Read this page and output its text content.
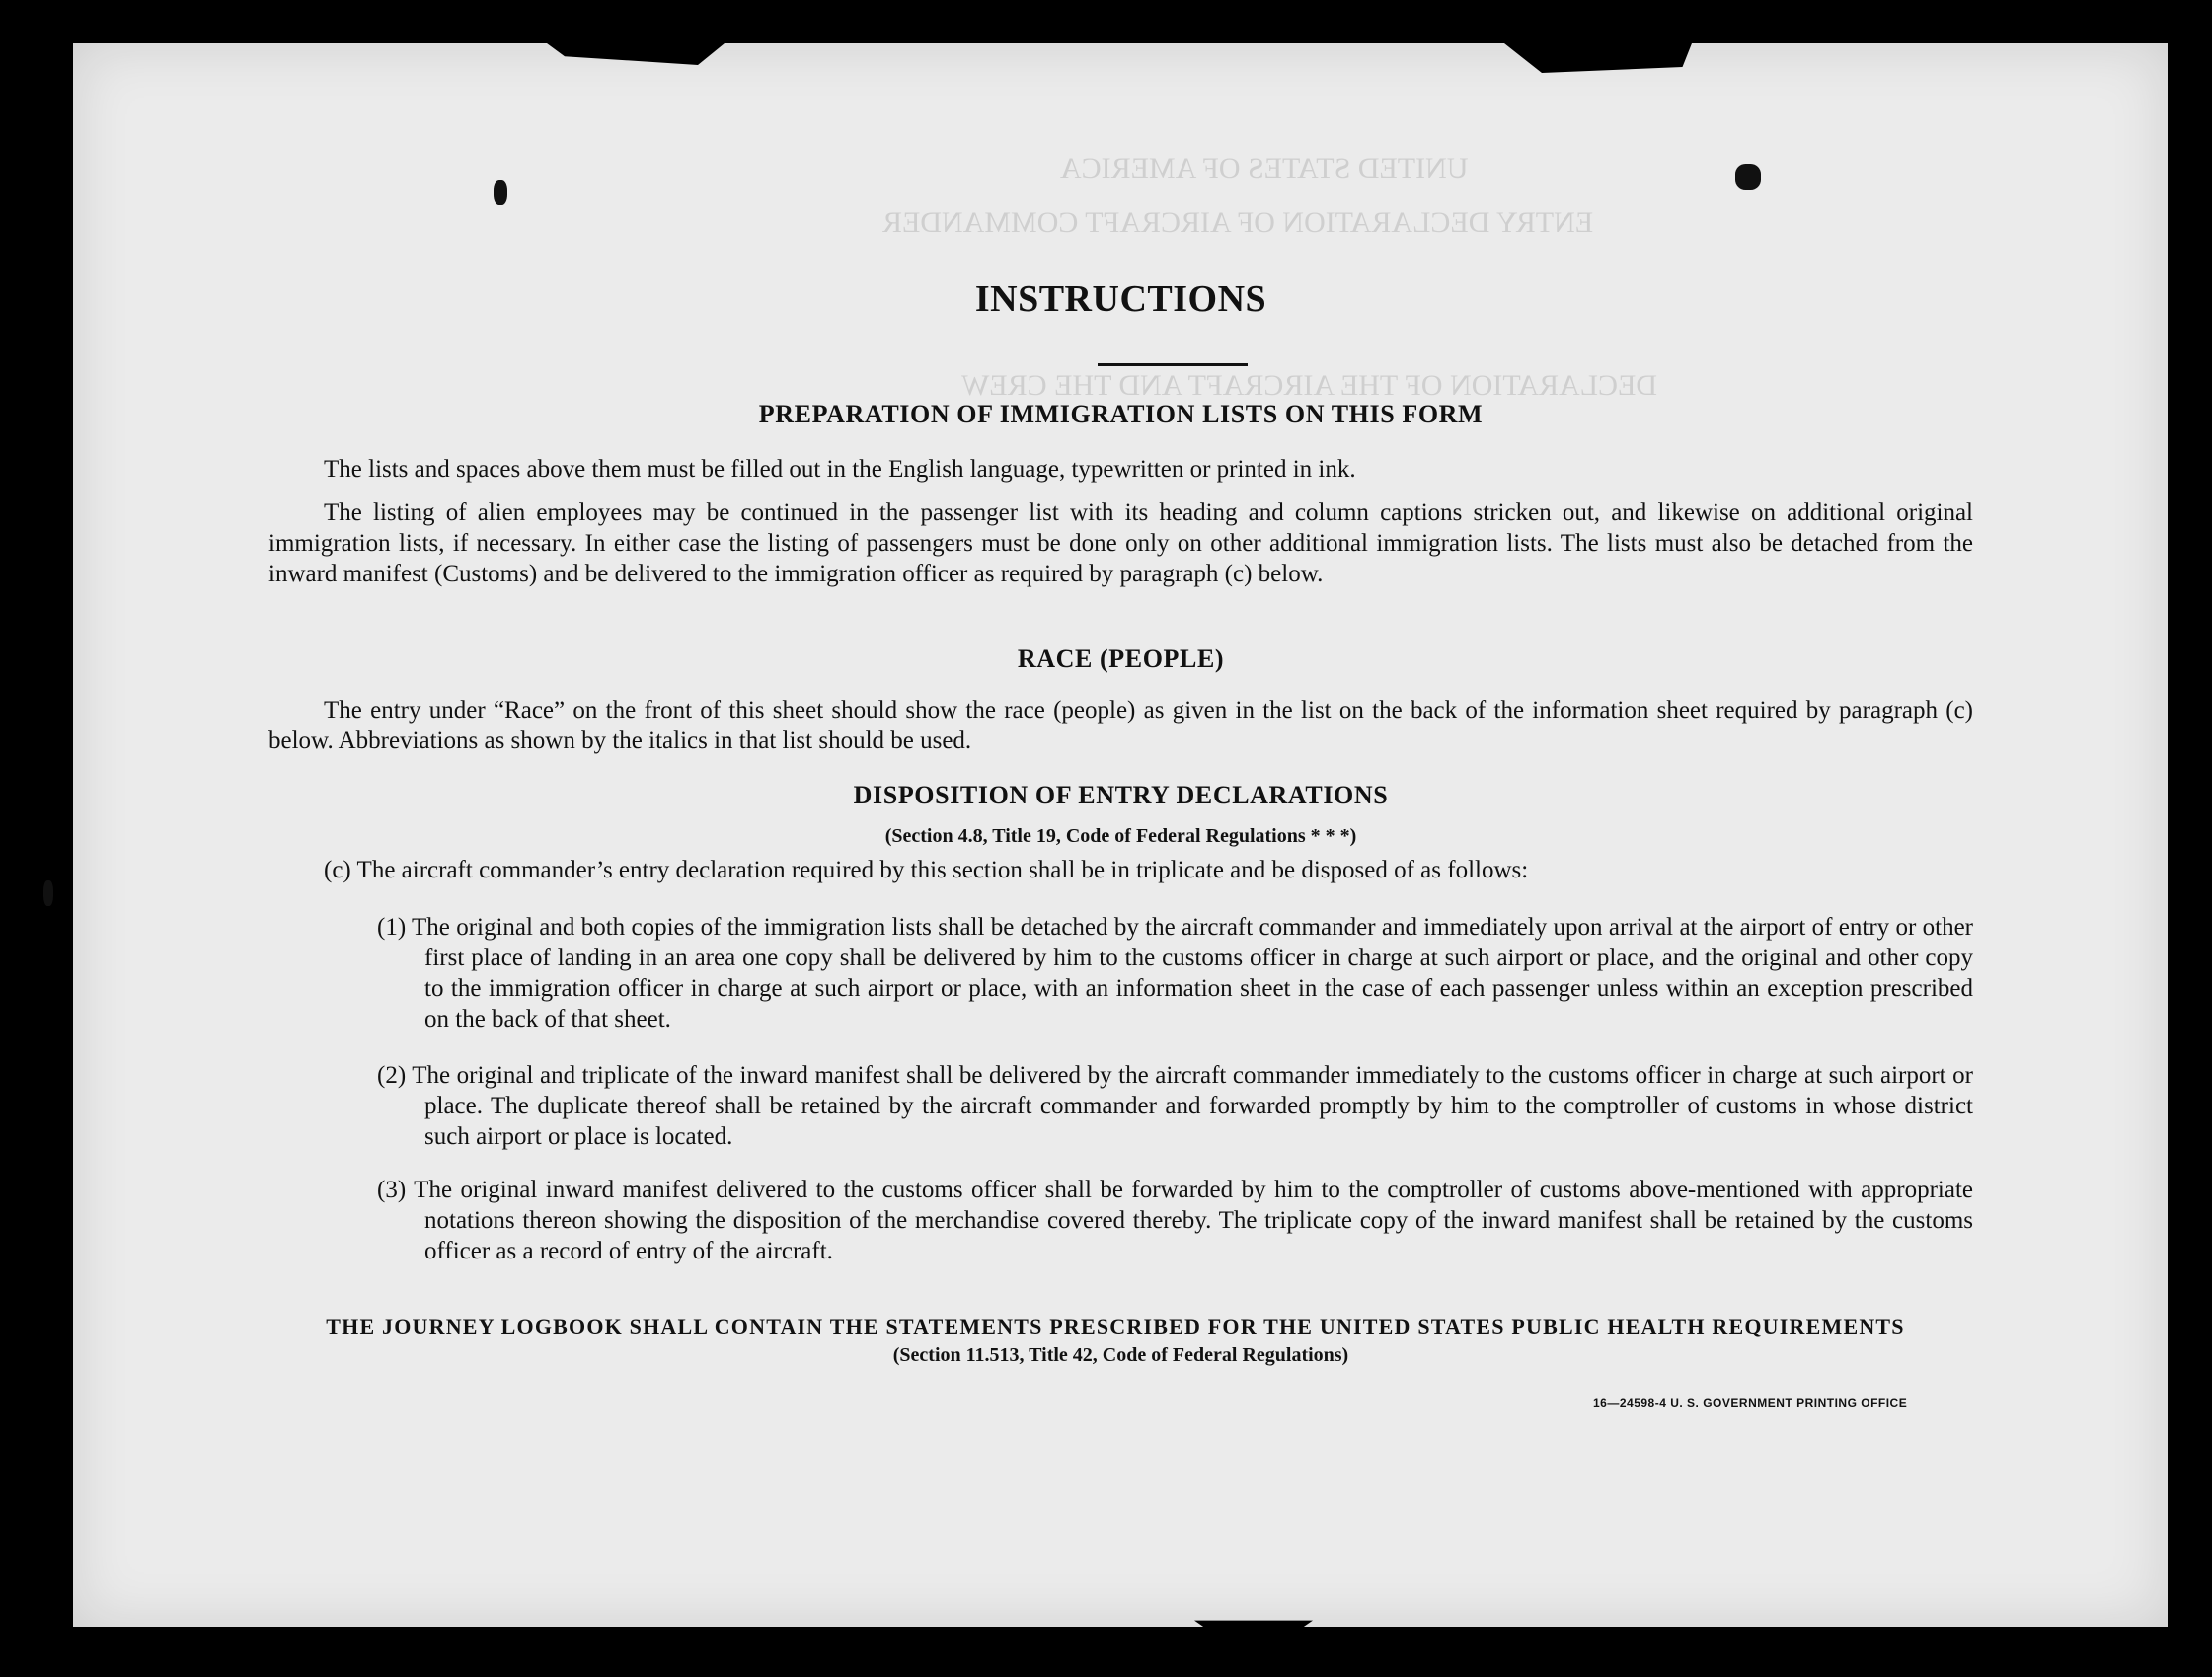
UNITED STATES OF AMERICA
ENTRY DECLARATION OF AIRCRAFT COMMANDER
DECLARATION OF THE AIRCRAFT AND THE CREW
INSTRUCTIONS
PREPARATION OF IMMIGRATION LISTS ON THIS FORM
The lists and spaces above them must be filled out in the English language, typewritten or printed in ink.
The listing of alien employees may be continued in the passenger list with its heading and column captions stricken out, and likewise on additional original immigration lists, if necessary. In either case the listing of passengers must be done only on other additional immigration lists. The lists must also be detached from the inward manifest (Customs) and be delivered to the immigration officer as required by paragraph (c) below.
RACE (PEOPLE)
The entry under “Race” on the front of this sheet should show the race (people) as given in the list on the back of the information sheet required by paragraph (c) below. Abbreviations as shown by the italics in that list should be used.
DISPOSITION OF ENTRY DECLARATIONS
(Section 4.8, Title 19, Code of Federal Regulations * * *)
(c) The aircraft commander’s entry declaration required by this section shall be in triplicate and be disposed of as follows:
(1) The original and both copies of the immigration lists shall be detached by the aircraft commander and immediately upon arrival at the airport of entry or other first place of landing in an area one copy shall be delivered by him to the customs officer in charge at such airport or place, and the original and other copy to the immigration officer in charge at such airport or place, with an information sheet in the case of each passenger unless within an exception prescribed on the back of that sheet.
(2) The original and triplicate of the inward manifest shall be delivered by the aircraft commander immediately to the customs officer in charge at such airport or place. The duplicate thereof shall be retained by the aircraft commander and forwarded promptly by him to the comptroller of customs in whose district such airport or place is located.
(3) The original inward manifest delivered to the customs officer shall be forwarded by him to the comptroller of customs above-mentioned with appropriate notations thereon showing the disposition of the merchandise covered thereby. The triplicate copy of the inward manifest shall be retained by the customs officer as a record of entry of the aircraft.
THE JOURNEY LOGBOOK SHALL CONTAIN THE STATEMENTS PRESCRIBED FOR THE UNITED STATES PUBLIC HEALTH REQUIREMENTS
(Section 11.513, Title 42, Code of Federal Regulations)
16—24598-4 U. S. GOVERNMENT PRINTING OFFICE
